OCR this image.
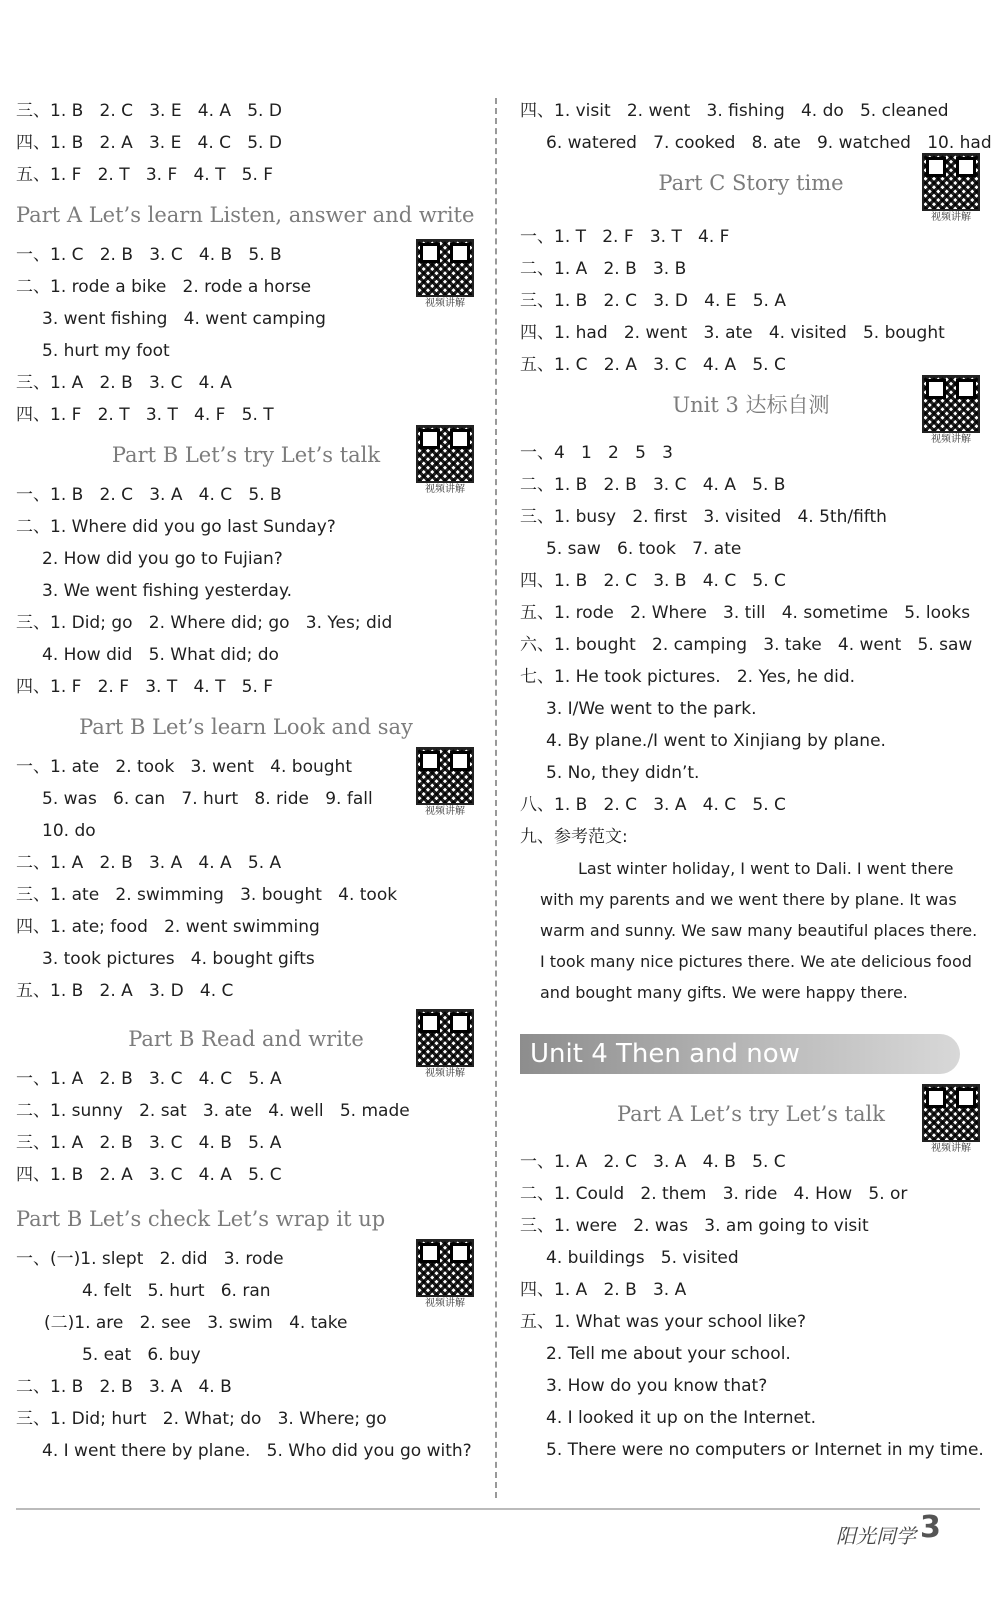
三、1. B   2. C   3. E   4. A   5. D
四、1. B   2. A   3. E   4. C   5. D
五、1. F   2. T   3. F   4. T   5. F
Part A Let’s learn Listen, answer and write
视频讲解
一、1. C   2. B   3. C   4. B   5. B
二、1. rode a bike   2. rode a horse
3. went fishing   4. went camping
5. hurt my foot
三、1. A   2. B   3. C   4. A
四、1. F   2. T   3. T   4. F   5. T
Part B Let’s try Let’s talk
视频讲解
一、1. B   2. C   3. A   4. C   5. B
二、1. Where did you go last Sunday?
2. How did you go to Fujian?
3. We went fishing yesterday.
三、1. Did; go   2. Where did; go   3. Yes; did
4. How did   5. What did; do
四、1. F   2. F   3. T   4. T   5. F
Part B Let’s learn Look and say
视频讲解
一、1. ate   2. took   3. went   4. bought
5. was   6. can   7. hurt   8. ride   9. fall
10. do
二、1. A   2. B   3. A   4. A   5. A
三、1. ate   2. swimming   3. bought   4. took
四、1. ate; food   2. went swimming
3. took pictures   4. bought gifts
五、1. B   2. A   3. D   4. C
Part B Read and write
视频讲解
一、1. A   2. B   3. C   4. C   5. A
二、1. sunny   2. sat   3. ate   4. well   5. made
三、1. A   2. B   3. C   4. B   5. A
四、1. B   2. A   3. C   4. A   5. C
Part B Let’s check Let’s wrap it up
视频讲解
一、(一)1. slept   2. did   3. rode
4. felt   5. hurt   6. ran
(二)1. are   2. see   3. swim   4. take
5. eat   6. buy
二、1. B   2. B   3. A   4. B
三、1. Did; hurt   2. What; do   3. Where; go
4. I went there by plane.   5. Who did you go with?
四、1. visit   2. went   3. fishing   4. do   5. cleaned
6. watered   7. cooked   8. ate   9. watched   10. had
Part C Story time
视频讲解
一、1. T   2. F   3. T   4. F
二、1. A   2. B   3. B
三、1. B   2. C   3. D   4. E   5. A
四、1. had   2. went   3. ate   4. visited   5. bought
五、1. C   2. A   3. C   4. A   5. C
Unit 3 达标自测
视频讲解
一、4   1   2   5   3
二、1. B   2. B   3. C   4. A   5. B
三、1. busy   2. first   3. visited   4. 5th/fifth
5. saw   6. took   7. ate
四、1. B   2. C   3. B   4. C   5. C
五、1. rode   2. Where   3. till   4. sometime   5. looks
六、1. bought   2. camping   3. take   4. went   5. saw
七、1. He took pictures.   2. Yes, he did.
3. I/We went to the park.
4. By plane./I went to Xinjiang by plane.
5. No, they didn’t.
八、1. B   2. C   3. A   4. C   5. C
九、参考范文:
Last winter holiday, I went to Dali. I went there with my parents and we went there by plane. It was warm and sunny. We saw many beautiful places there. I took many nice pictures there. We ate delicious food and bought many gifts. We were happy there.
Unit 4 Then and now
Part A Let’s try Let’s talk
视频讲解
一、1. A   2. C   3. A   4. B   5. C
二、1. Could   2. them   3. ride   4. How   5. or
三、1. were   2. was   3. am going to visit
4. buildings   5. visited
四、1. A   2. B   3. A
五、1. What was your school like?
2. Tell me about your school.
3. How do you know that?
4. I looked it up on the Internet.
5. There were no computers or Internet in my time.
阳光同学 3
